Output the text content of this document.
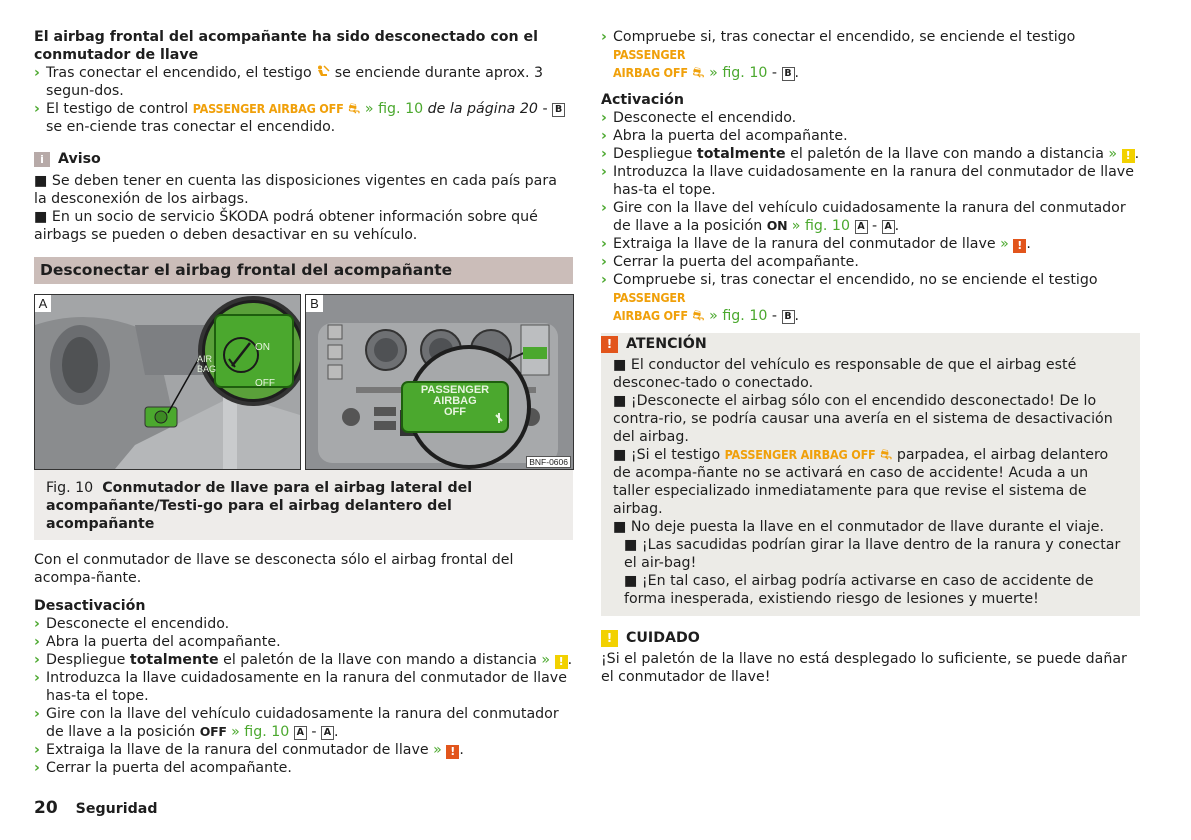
El airbag frontal del acompañante ha sido desconectado con el conmutador de llave

› Tras conectar el encendido, el testigo  se enciende durante aprox. 3 segun-dos.
› El testigo de control PASSENGER AIRBAG OFF ⛐ » fig. 10 de la página 20 - B se en-ciende tras conectar el encendido.
i Aviso

■ Se deben tener en cuenta las disposiciones vigentes en cada país para la desconexión de los airbags.

■ En un socio de servicio ŠKODA podrá obtener información sobre qué airbags se pueden o deben desactivar en su vehículo.

Desconectar el airbag frontal del acompañante
ON
OFF
AIR
BAG
A	B
PASSENGER
AIRBAG
OFF
BNF-0606
Fig. 10 Conmutador de llave para el airbag lateral del acompañante/Testi-go para el airbag delantero del acompañante

Con el conmutador de llave se desconecta sólo el airbag frontal del acompa-ñante.

Desactivación

› Desconecte el encendido.
› Abra la puerta del acompañante.
› Despliegue totalmente el paletón de la llave con mando a distancia » ! .
› Introduzca la llave cuidadosamente en la ranura del conmutador de llave has-ta el tope.
› Gire con la llave del vehículo cuidadosamente la ranura del conmutador de llave a la posición OFF » fig. 10 A - A .
› Extraiga la llave de la ranura del conmutador de llave » ! .
› Cerrar la puerta del acompañante.
› Compruebe si, tras conectar el encendido, se enciende el testigo PASSENGER
AIRBAG OFF ⛐ » fig. 10 - B .

Activación

› Desconecte el encendido.
› Abra la puerta del acompañante.
› Despliegue totalmente el paletón de la llave con mando a distancia » ! .
› Introduzca la llave cuidadosamente en la ranura del conmutador de llave has-ta el tope.
› Gire con la llave del vehículo cuidadosamente la ranura del conmutador de llave a la posición ON » fig. 10 A - A .
› Extraiga la llave de la ranura del conmutador de llave » ! .
› Cerrar la puerta del acompañante.
› Compruebe si, tras conectar el encendido, no se enciende el testigo PASSENGER
AIRBAG OFF ⛐ » fig. 10 - B .
! ATENCIÓN

■ El conductor del vehículo es responsable de que el airbag esté desconec-tado o conectado.

■ ¡Desconecte el airbag sólo con el encendido desconectado! De lo contra-rio, se podría causar una avería en el sistema de desactivación del airbag.

■ ¡Si el testigo PASSENGER AIRBAG OFF ⛐ parpadea, el airbag delantero de acompa-ñante no se activará en caso de accidente! Acuda a un taller especializado inmediatamente para que revise el sistema de airbag.

■ No deje puesta la llave en el conmutador de llave durante el viaje.

■ ¡Las sacudidas podrían girar la llave dentro de la ranura y conectar el air-bag!

■ ¡En tal caso, el airbag podría activarse en caso de accidente de forma inesperada, existiendo riesgo de lesiones y muerte!

! CUIDADO

¡Si el paletón de la llave no está desplegado lo suficiente, se puede dañar el conmutador de llave!

20 Seguridad
